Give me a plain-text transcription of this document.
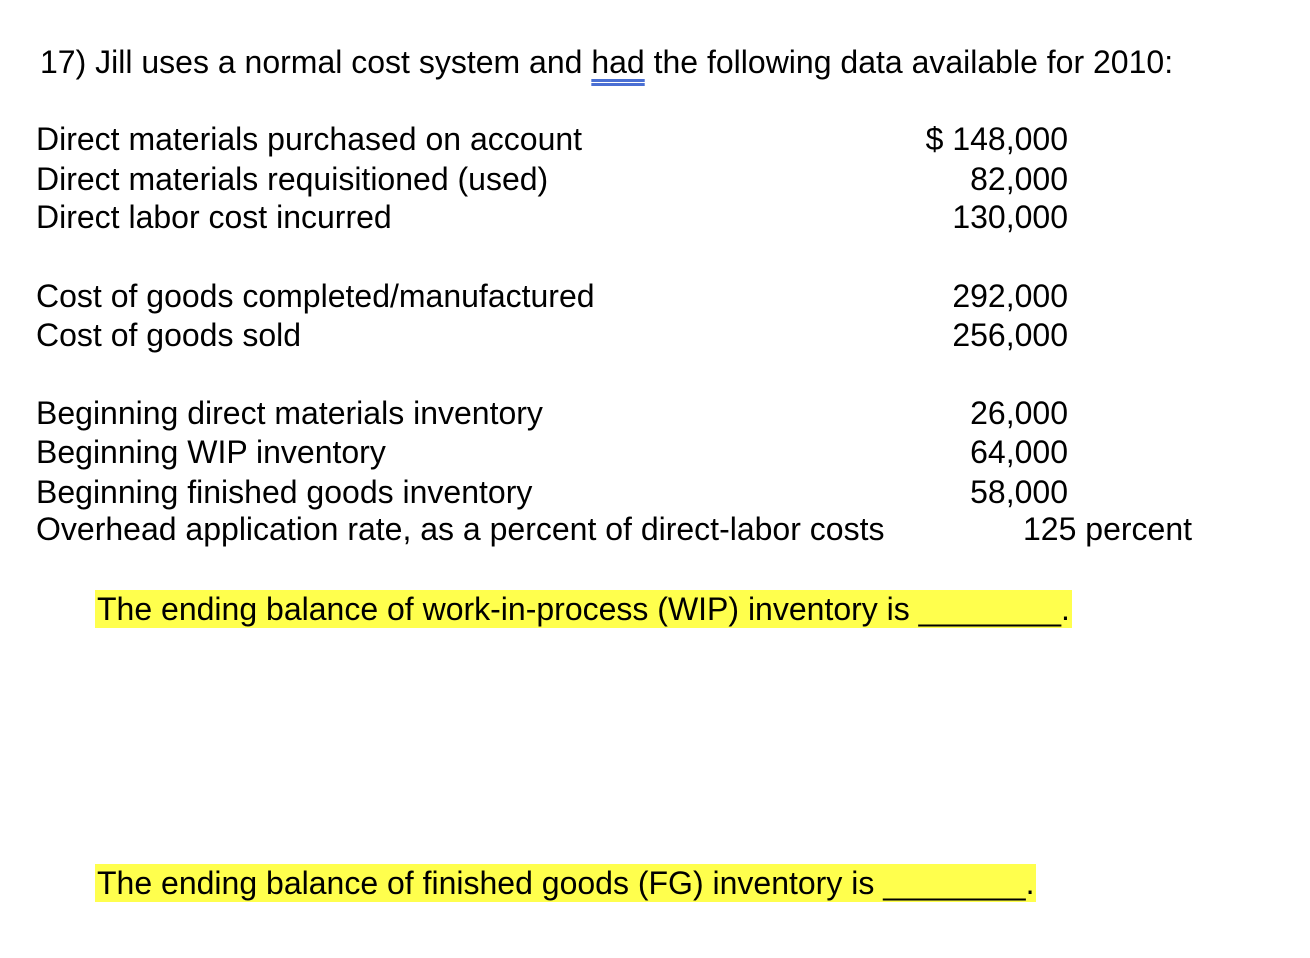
17) Jill uses a normal cost system and had the following data available for 2010:
Direct materials purchased on account	$ 148,000
Direct materials requisitioned (used)	82,000
Direct labor cost incurred	130,000
Cost of goods completed/manufactured	292,000
Cost of goods sold	256,000
Beginning direct materials inventory	26,000
Beginning WIP inventory	64,000
Beginning finished goods inventory	58,000
Overhead application rate, as a percent of direct-labor costs	125 percent
The ending balance of work-in-process (WIP) inventory is ________.
The ending balance of finished goods (FG) inventory is ________.
